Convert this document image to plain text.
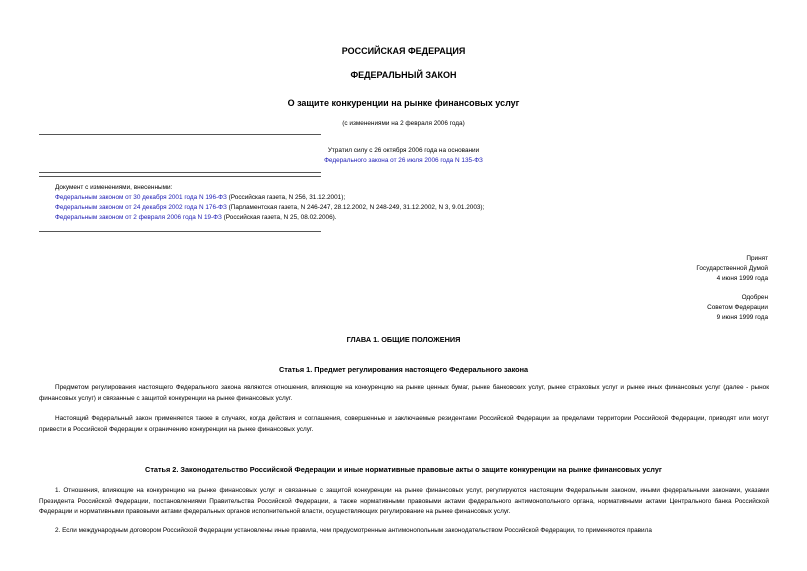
РОССИЙСКАЯ ФЕДЕРАЦИЯ
ФЕДЕРАЛЬНЫЙ ЗАКОН
О защите конкуренции на рынке финансовых услуг
(с изменениями на 2 февраля 2006 года)
Утратил силу с 26 октября 2006 года на основании
Федерального закона от 26 июля 2006 года N 135-ФЗ
Документ с изменениями, внесенными:
Федеральным законом от 30 декабря 2001 года N 196-ФЗ (Российская газета, N 256, 31.12.2001);
Федеральным законом от 24 декабря 2002 года N 176-ФЗ (Парламентская газета, N 246-247, 28.12.2002, N 248-249, 31.12.2002, N 3, 9.01.2003);
Федеральным законом от 2 февраля 2006 года N 19-ФЗ (Российская газета, N 25, 08.02.2006).
Принят
Государственной Думой
4 июня 1999 года
Одобрен
Советом Федерации
9 июня 1999 года
ГЛАВА 1. ОБЩИЕ ПОЛОЖЕНИЯ
Статья 1. Предмет регулирования настоящего Федерального закона

Предметом регулирования настоящего Федерального закона являются отношения, влияющие на конкуренцию на рынке ценных бумаг, рынке банковских услуг, рынке страховых услуг и рынке иных финансовых услуг (далее - рынок финансовых услуг) и связанные с защитой конкуренции на рынке финансовых услуг.

Настоящий Федеральный закон применяется также в случаях, когда действия и соглашения, совершенные и заключаемые резидентами Российской Федерации за пределами территории Российской Федерации, приводят или могут привести в Российской Федерации к ограничению конкуренции на рынке финансовых услуг.

Статья 2. Законодательство Российской Федерации и иные нормативные правовые акты о защите конкуренции на рынке финансовых услуг

1. Отношения, влияющие на конкуренцию на рынке финансовых услуг и связанные с защитой конкуренции на рынке финансовых услуг, регулируются настоящим Федеральным законом, иными федеральными законами, указами Президента Российской Федерации, постановлениями Правительства Российской Федерации, а также нормативными правовыми актами федерального антимонопольного органа, нормативными актами Центрального банка Российской Федерации и нормативными правовыми актами федеральных органов исполнительной власти, осуществляющих регулирование на рынке финансовых услуг.

2. Если международным договором Российской Федерации установлены иные правила, чем предусмотренные антимонопольным законодательством Российской Федерации, то применяются правила
